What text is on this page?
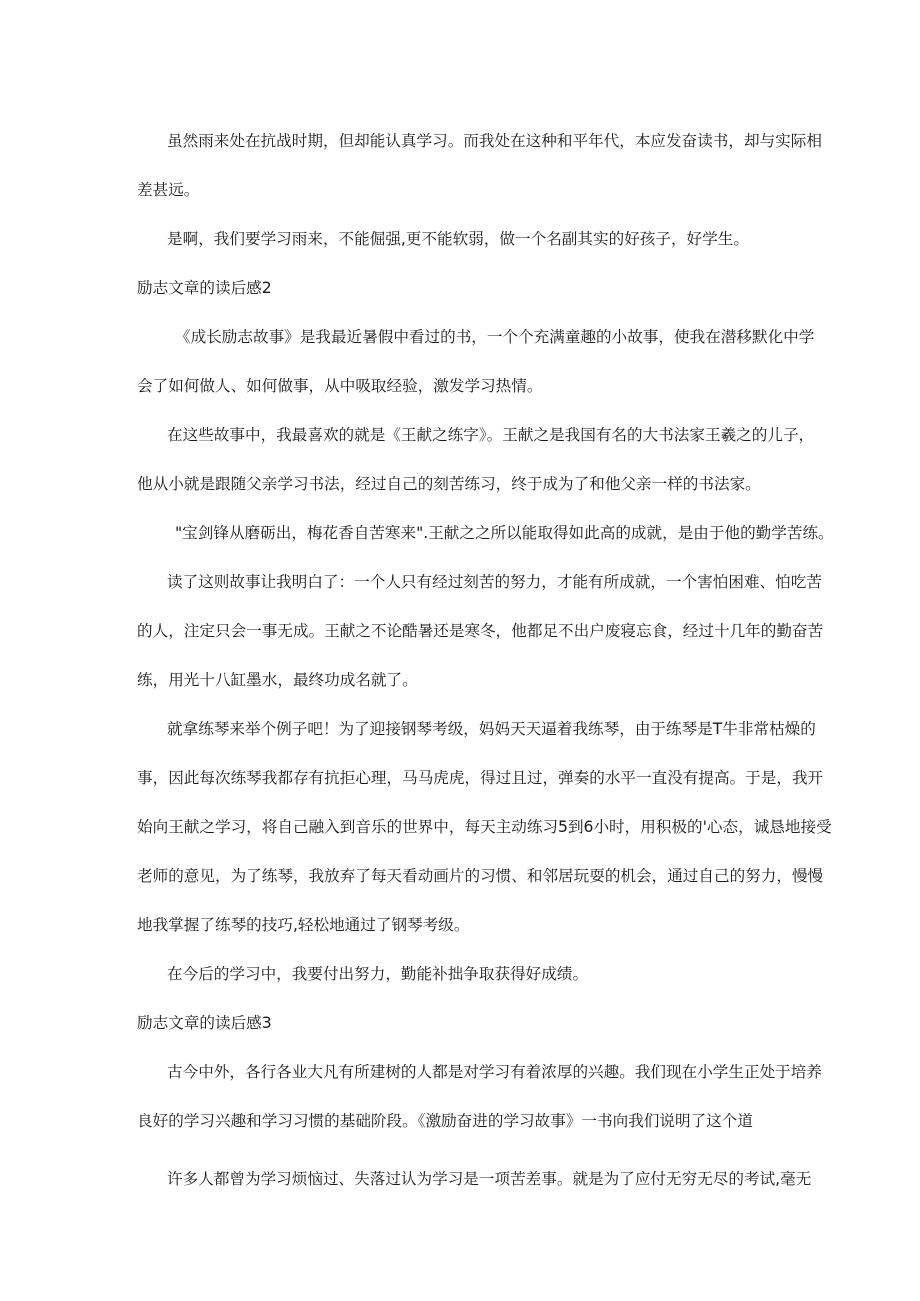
虽然雨来处在抗战时期，但却能认真学习。而我处在这种和平年代，本应发奋读书，却与实际相
差甚远。
是啊，我们要学习雨来，不能倔强,更不能软弱，做一个名副其实的好孩子，好学生。
励志文章的读后感2
《成长励志故事》是我最近暑假中看过的书，一个个充满童趣的小故事，使我在潜移默化中学
会了如何做人、如何做事，从中吸取经验，激发学习热情。
在这些故事中，我最喜欢的就是《王献之练字》。王献之是我国有名的大书法家王羲之的儿子，
他从小就是跟随父亲学习书法，经过自己的刻苦练习，终于成为了和他父亲一样的书法家。
"宝剑锋从磨砺出，梅花香自苦寒来".王献之之所以能取得如此高的成就，是由于他的勤学苦练。
读了这则故事让我明白了：一个人只有经过刻苦的努力，才能有所成就，一个害怕困难、怕吃苦
的人，注定只会一事无成。王献之不论酷暑还是寒冬，他都足不出户废寝忘食，经过十几年的勤奋苦
练，用光十八缸墨水，最终功成名就了。
就拿练琴来举个例子吧！为了迎接钢琴考级，妈妈天天逼着我练琴，由于练琴是T牛非常枯燥的
事，因此每次练琴我都存有抗拒心理，马马虎虎，得过且过，弹奏的水平一直没有提高。于是，我开
始向王献之学习，将自己融入到音乐的世界中，每天主动练习5到6小时，用积极的'心态，诚恳地接受
老师的意见，为了练琴，我放弃了每天看动画片的习惯、和邻居玩耍的机会，通过自己的努力，慢慢
地我掌握了练琴的技巧,轻松地通过了钢琴考级。
在今后的学习中，我要付出努力，勤能补拙争取获得好成绩。
励志文章的读后感3
古今中外，各行各业大凡有所建树的人都是对学习有着浓厚的兴趣。我们现在小学生正处于培养
良好的学习兴趣和学习习惯的基础阶段。《激励奋进的学习故事》一书向我们说明了这个道
许多人都曾为学习烦恼过、失落过认为学习是一项苦差事。就是为了应付无穷无尽的考试,毫无
